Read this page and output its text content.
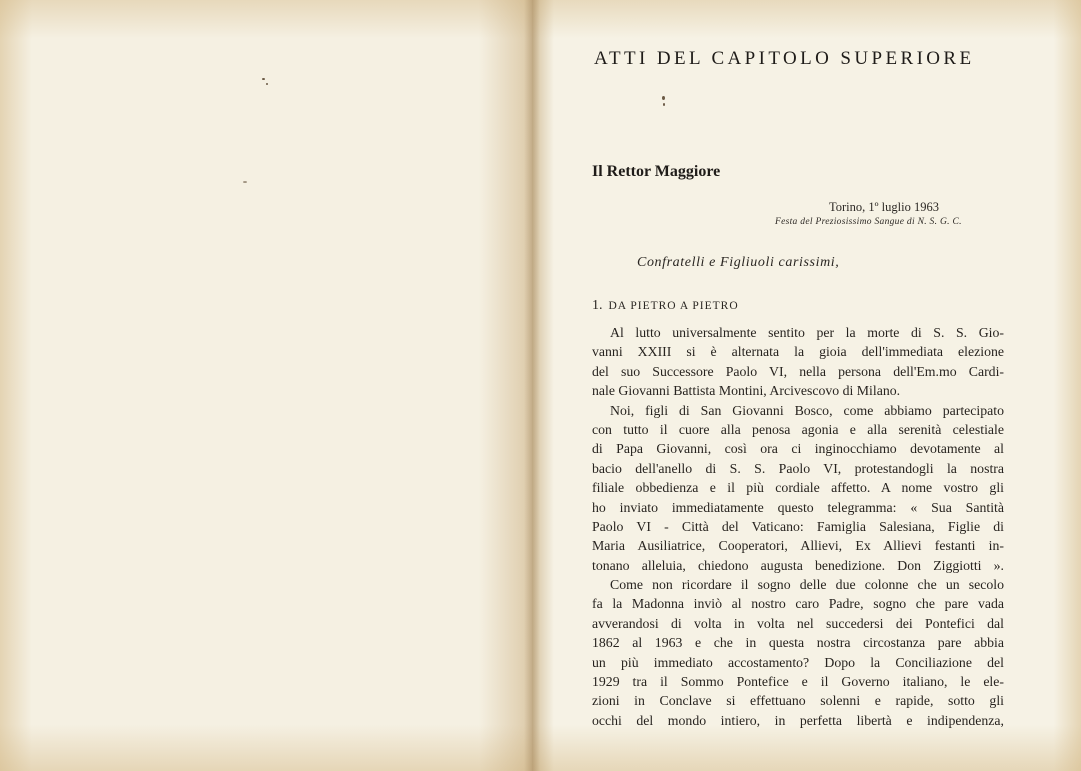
ATTI DEL CAPITOLO SUPERIORE
Il Rettor Maggiore
Torino, 1º luglio 1963
Festa del Preziosissimo Sangue di N. S. G. C.
Confratelli e Figliuoli carissimi,
1. DA PIETRO A PIETRO
Al lutto universalmente sentito per la morte di S. S. Gio-
vanni XXIII si è alternata la gioia dell'immediata elezione
del suo Successore Paolo VI, nella persona dell'Em.mo Cardi-
nale Giovanni Battista Montini, Arcivescovo di Milano.
Noi, figli di San Giovanni Bosco, come abbiamo partecipato
con tutto il cuore alla penosa agonia e alla serenità celestiale
di Papa Giovanni, così ora ci inginocchiamo devotamente al
bacio dell'anello di S. S. Paolo VI, protestandogli la nostra
filiale obbedienza e il più cordiale affetto. A nome vostro gli
ho inviato immediatamente questo telegramma: « Sua Santità
Paolo VI - Città del Vaticano: Famiglia Salesiana, Figlie di
Maria Ausiliatrice, Cooperatori, Allievi, Ex Allievi festanti in-
tonano alleluia, chiedono augusta benedizione. Don Ziggiotti ».
Come non ricordare il sogno delle due colonne che un secolo
fa la Madonna inviò al nostro caro Padre, sogno che pare vada
avverandosi di volta in volta nel succedersi dei Pontefici dal
1862 al 1963 e che in questa nostra circostanza pare abbia
un più immediato accostamento? Dopo la Conciliazione del
1929 tra il Sommo Pontefice e il Governo italiano, le ele-
zioni in Conclave si effettuano solenni e rapide, sotto gli
occhi del mondo intiero, in perfetta libertà e indipendenza,
